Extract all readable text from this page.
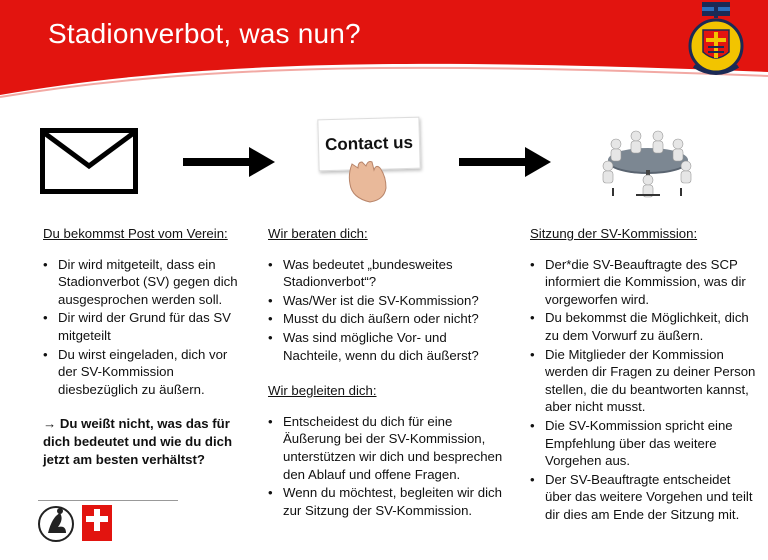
Stadionverbot, was nun?
Contact us

Du bekommst Post vom Verein:

• Dir wird mitgeteilt, dass ein Stadionverbot (SV) gegen dich ausgesprochen werden soll.
• Dir wird der Grund für das SV mitgeteilt
• Du wirst eingeladen, dich vor der SV-Kommission diesbezüglich zu äußern.

→ Du weißt nicht, was das für dich bedeutet und wie du dich jetzt am besten verhältst?

Wir beraten dich:

• Was bedeutet „bundesweites Stadionverbot“?
• Was/Wer ist die SV-Kommission?
• Musst du dich äußern oder nicht?
• Was sind mögliche Vor- und Nachteile, wenn du dich äußerst?

Wir begleiten dich:

• Entscheidest du dich für eine Äußerung bei der SV-Kommission, unterstützen wir dich und besprechen den Ablauf und offene Fragen.
• Wenn du möchtest, begleiten wir dich zur Sitzung der SV-Kommission.

Sitzung der SV-Kommission:

• Der*die SV-Beauftragte des SCP informiert die Kommission, was dir vorgeworfen wird.
• Du bekommst die Möglichkeit, dich zu dem Vorwurf zu äußern.
• Die Mitglieder der Kommission werden dir Fragen zu deiner Person stellen, die du beantworten kannst, aber nicht musst.
• Die SV-Kommission spricht eine Empfehlung über das weitere Vorgehen aus.
• Der SV-Beauftragte entscheidet über das weitere Vorgehen und teilt dir dies am Ende der Sitzung mit.
